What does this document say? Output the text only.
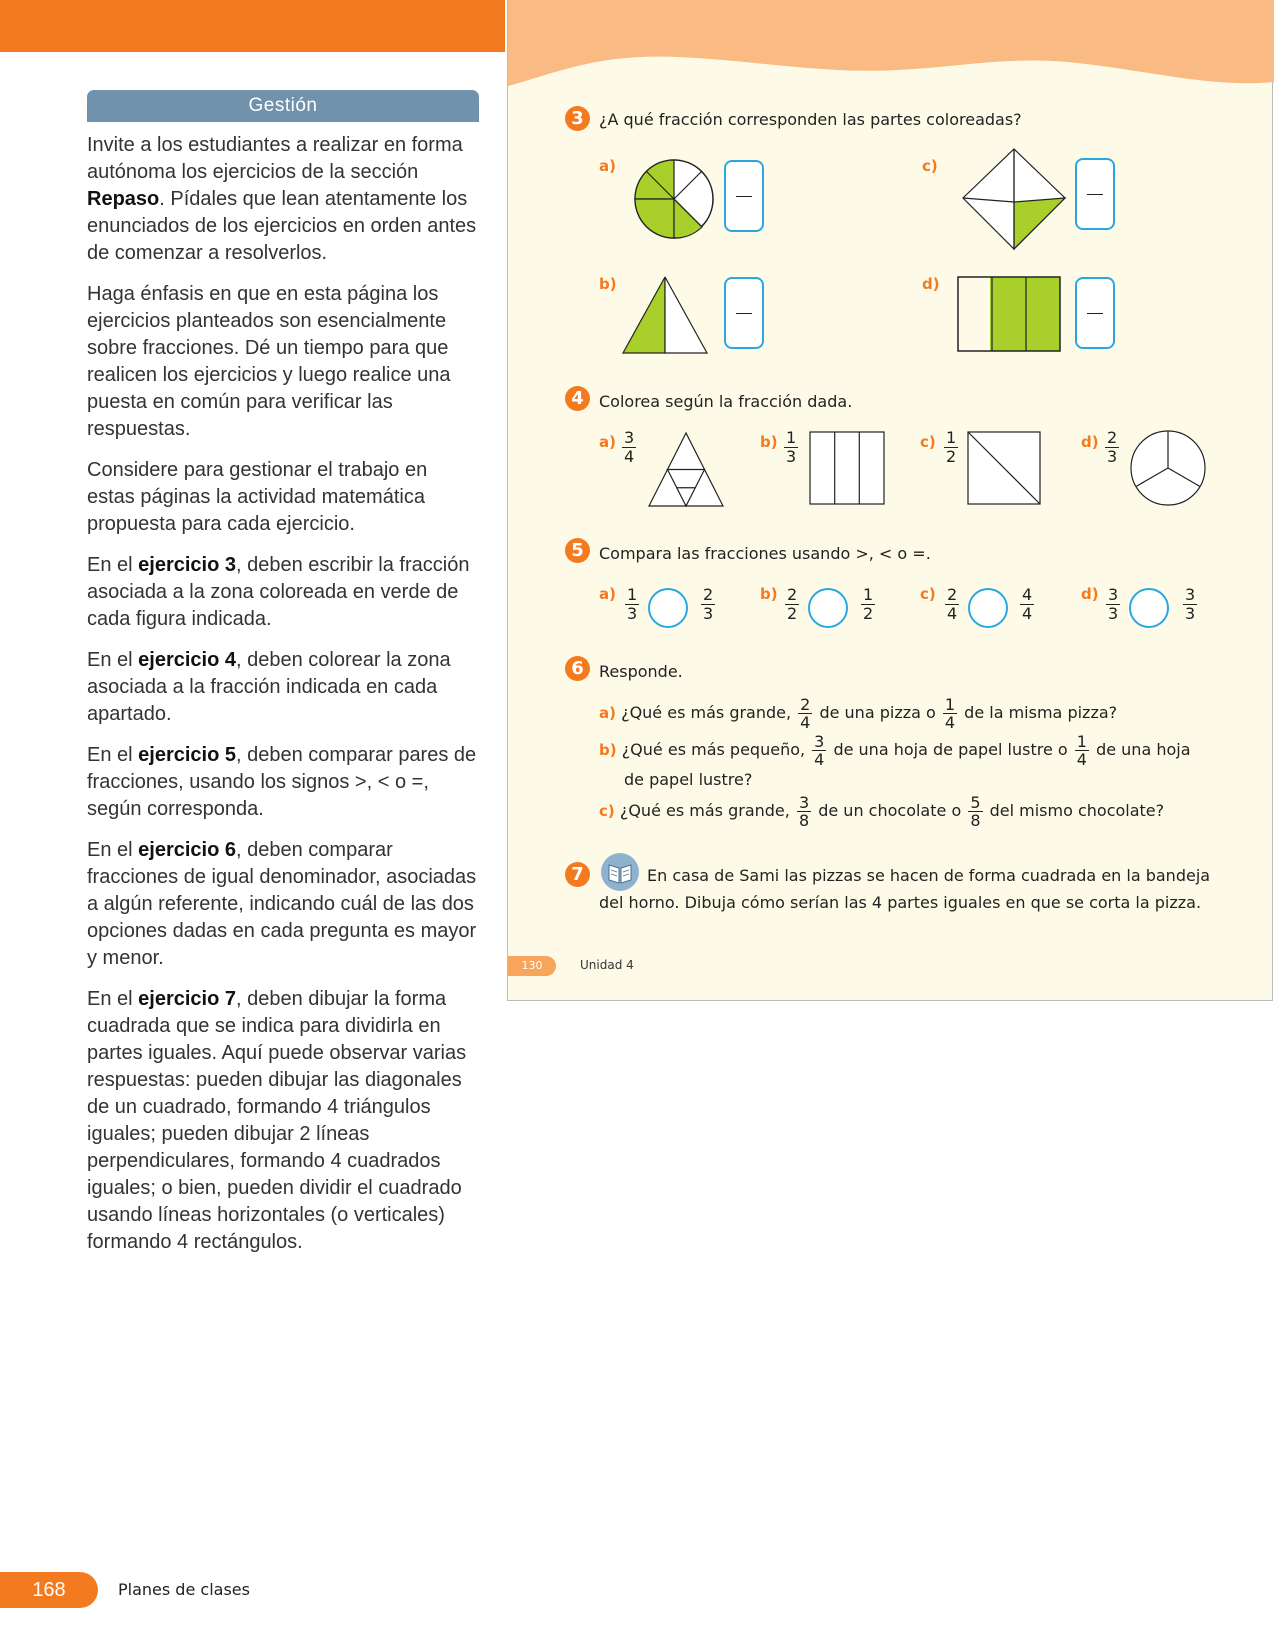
Gestión

Invite a los estudiantes a realizar en forma autónoma los ejercicios de la sección Repaso. Pídales que lean atentamente los enunciados de los ejercicios en orden antes de comenzar a resolverlos.

Haga énfasis en que en esta página los ejercicios planteados son esencialmente sobre fracciones. Dé un tiempo para que realicen los ejercicios y luego realice una puesta en común para verificar las respuestas.

Considere para gestionar el trabajo en estas páginas la actividad matemática propuesta para cada ejercicio.

En el ejercicio 3, deben escribir la fracción asociada a la zona coloreada en verde de cada figura indicada.

En el ejercicio 4, deben colorear la zona asociada a la fracción indicada en cada apartado.

En el ejercicio 5, deben comparar pares de fracciones, usando los signos >, < o =, según corresponda.

En el ejercicio 6, deben comparar fracciones de igual denominador, asociadas a algún referente, indicando cuál de las dos opciones dadas en cada pregunta es mayor y menor.

En el ejercicio 7, deben dibujar la forma cuadrada que se indica para dividirla en partes iguales. Aquí puede observar varias respuestas: pueden dibujar las diagonales de un cuadrado, formando 4 triángulos iguales; pueden dibujar 2 líneas perpendiculares, formando 4 cuadrados iguales; o bien, pueden dividir el cuadrado usando líneas horizontales (o verticales) formando 4 rectángulos.

3 ¿A qué fracción corresponden las partes coloreadas?
a)
b)
c)
d)
4 Colorea según la fracción dada.
$a) \frac{3}{4}$	$b) \frac{1}{3}$	$c) \frac{1}{2}$	$d) \frac{2}{3}$
5 Compara las fracciones usando >, < o =.
$a) \frac{1}{3}$	$\frac{2}{3}$	$b) \frac{2}{2}$	$\frac{1}{2}$	$c) \frac{2}{4}$	$\frac{4}{4}$	$d) \frac{3}{3}$	$\frac{3}{3}$
6 Responde.
a) ¿Qué es más grande, $\frac{2}{4}$ de una pizza o $\frac{1}{4}$ de la misma pizza?
b) ¿Qué es más pequeño, $\frac{3}{4}$ de una hoja de papel lustre o $\frac{1}{4}$ de una hoja
de papel lustre?
c) ¿Qué es más grande, $\frac{3}{8}$ de un chocolate o $\frac{5}{8}$ del mismo chocolate?
7	En casa de Sami las pizzas se hacen de forma cuadrada en la bandeja
del horno. Dibuja cómo serían las 4 partes iguales en que se corta la pizza.
130	Unidad 4
168	Planes de clases
